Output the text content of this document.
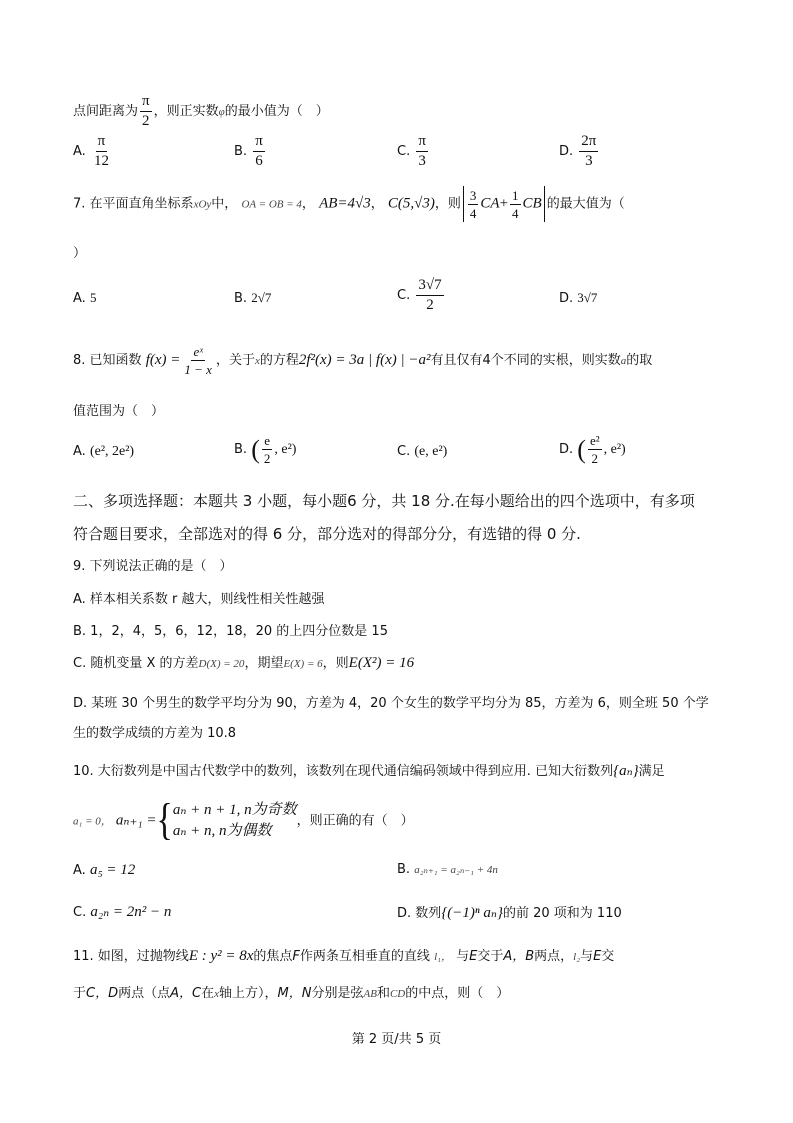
点间距离为 $\frac{\pi}{2}$ ，则正实数φ的最小值为（　）
A. $\frac{\pi}{12}$	B. $\frac{\pi}{6}$	C. $\frac{\pi}{3}$	D. $\frac{2\pi}{3}$
7. 在平面直角坐标系xOy中， OA = OB = 4， AB=4√3， C(5,√3)，则 $\frac{3}{4} CA+ \frac{1}{4}$ CB 的最大值为（
）
A. 5	B. 2√7	C. $\frac{3√7}{2}$	D. 3√7
8. 已知函数 $f(x) = \frac{\text{eˣ}}{1 - x}$ ，关于x的方程2f²(x) = 3a | f(x) | −a²有且仅有4个不同的实根，则实数a的取
值范围为（　）
A. (e², 2e²)	B. ( $\frac{e}{2}$ , e²)	C. (e, e²)	D. ( $\frac{\text{e²}}{2}$ , e²)
二、多项选择题：本题共 3 小题，每小题6 分，共 18 分.在每小题给出的四个选项中，有多项
符合题目要求，全部选对的得 6 分，部分选对的得部分分，有选错的得 0 分.
9. 下列说法正确的是（　）
A. 样本相关系数 r 越大，则线性相关性越强
B. 1，2，4，5，6，12，18，20 的上四分位数是 15
C. 随机变量 X 的方差D(X) = 20，期望E(X) = 6，则E(X²) = 16
D. 某班 30 个男生的数学平均分为 90，方差为 4，20 个女生的数学平均分为 85，方差为 6，则全班 50 个学
生的数学成绩的方差为 10.8
10. 大衍数列是中国古代数学中的数列，该数列在现代通信编码领域中得到应用. 已知大衍数列{aₙ}满足
a₁ = 0， aₙ₊₁ ={ aₙ + n + 1, n为奇数
aₙ + n, n为偶数
，则正确的有（　）
A. a₅ = 12	B. a₂ₙ₊₁ = a₂ₙ₋₁ + 4n
C. a₂ₙ = 2n² − n	D. 数列{(−1)ⁿ aₙ}的前 20 项和为 110
11. 如图，过抛物线E : y² = 8x的焦点F作两条互相垂直的直线 l₁， 与E交于A，B两点，l₂与E交
于C，D两点（点A，C在x轴上方），M，N分别是弦AB和CD的中点，则（　）
第 2 页/共 5 页
